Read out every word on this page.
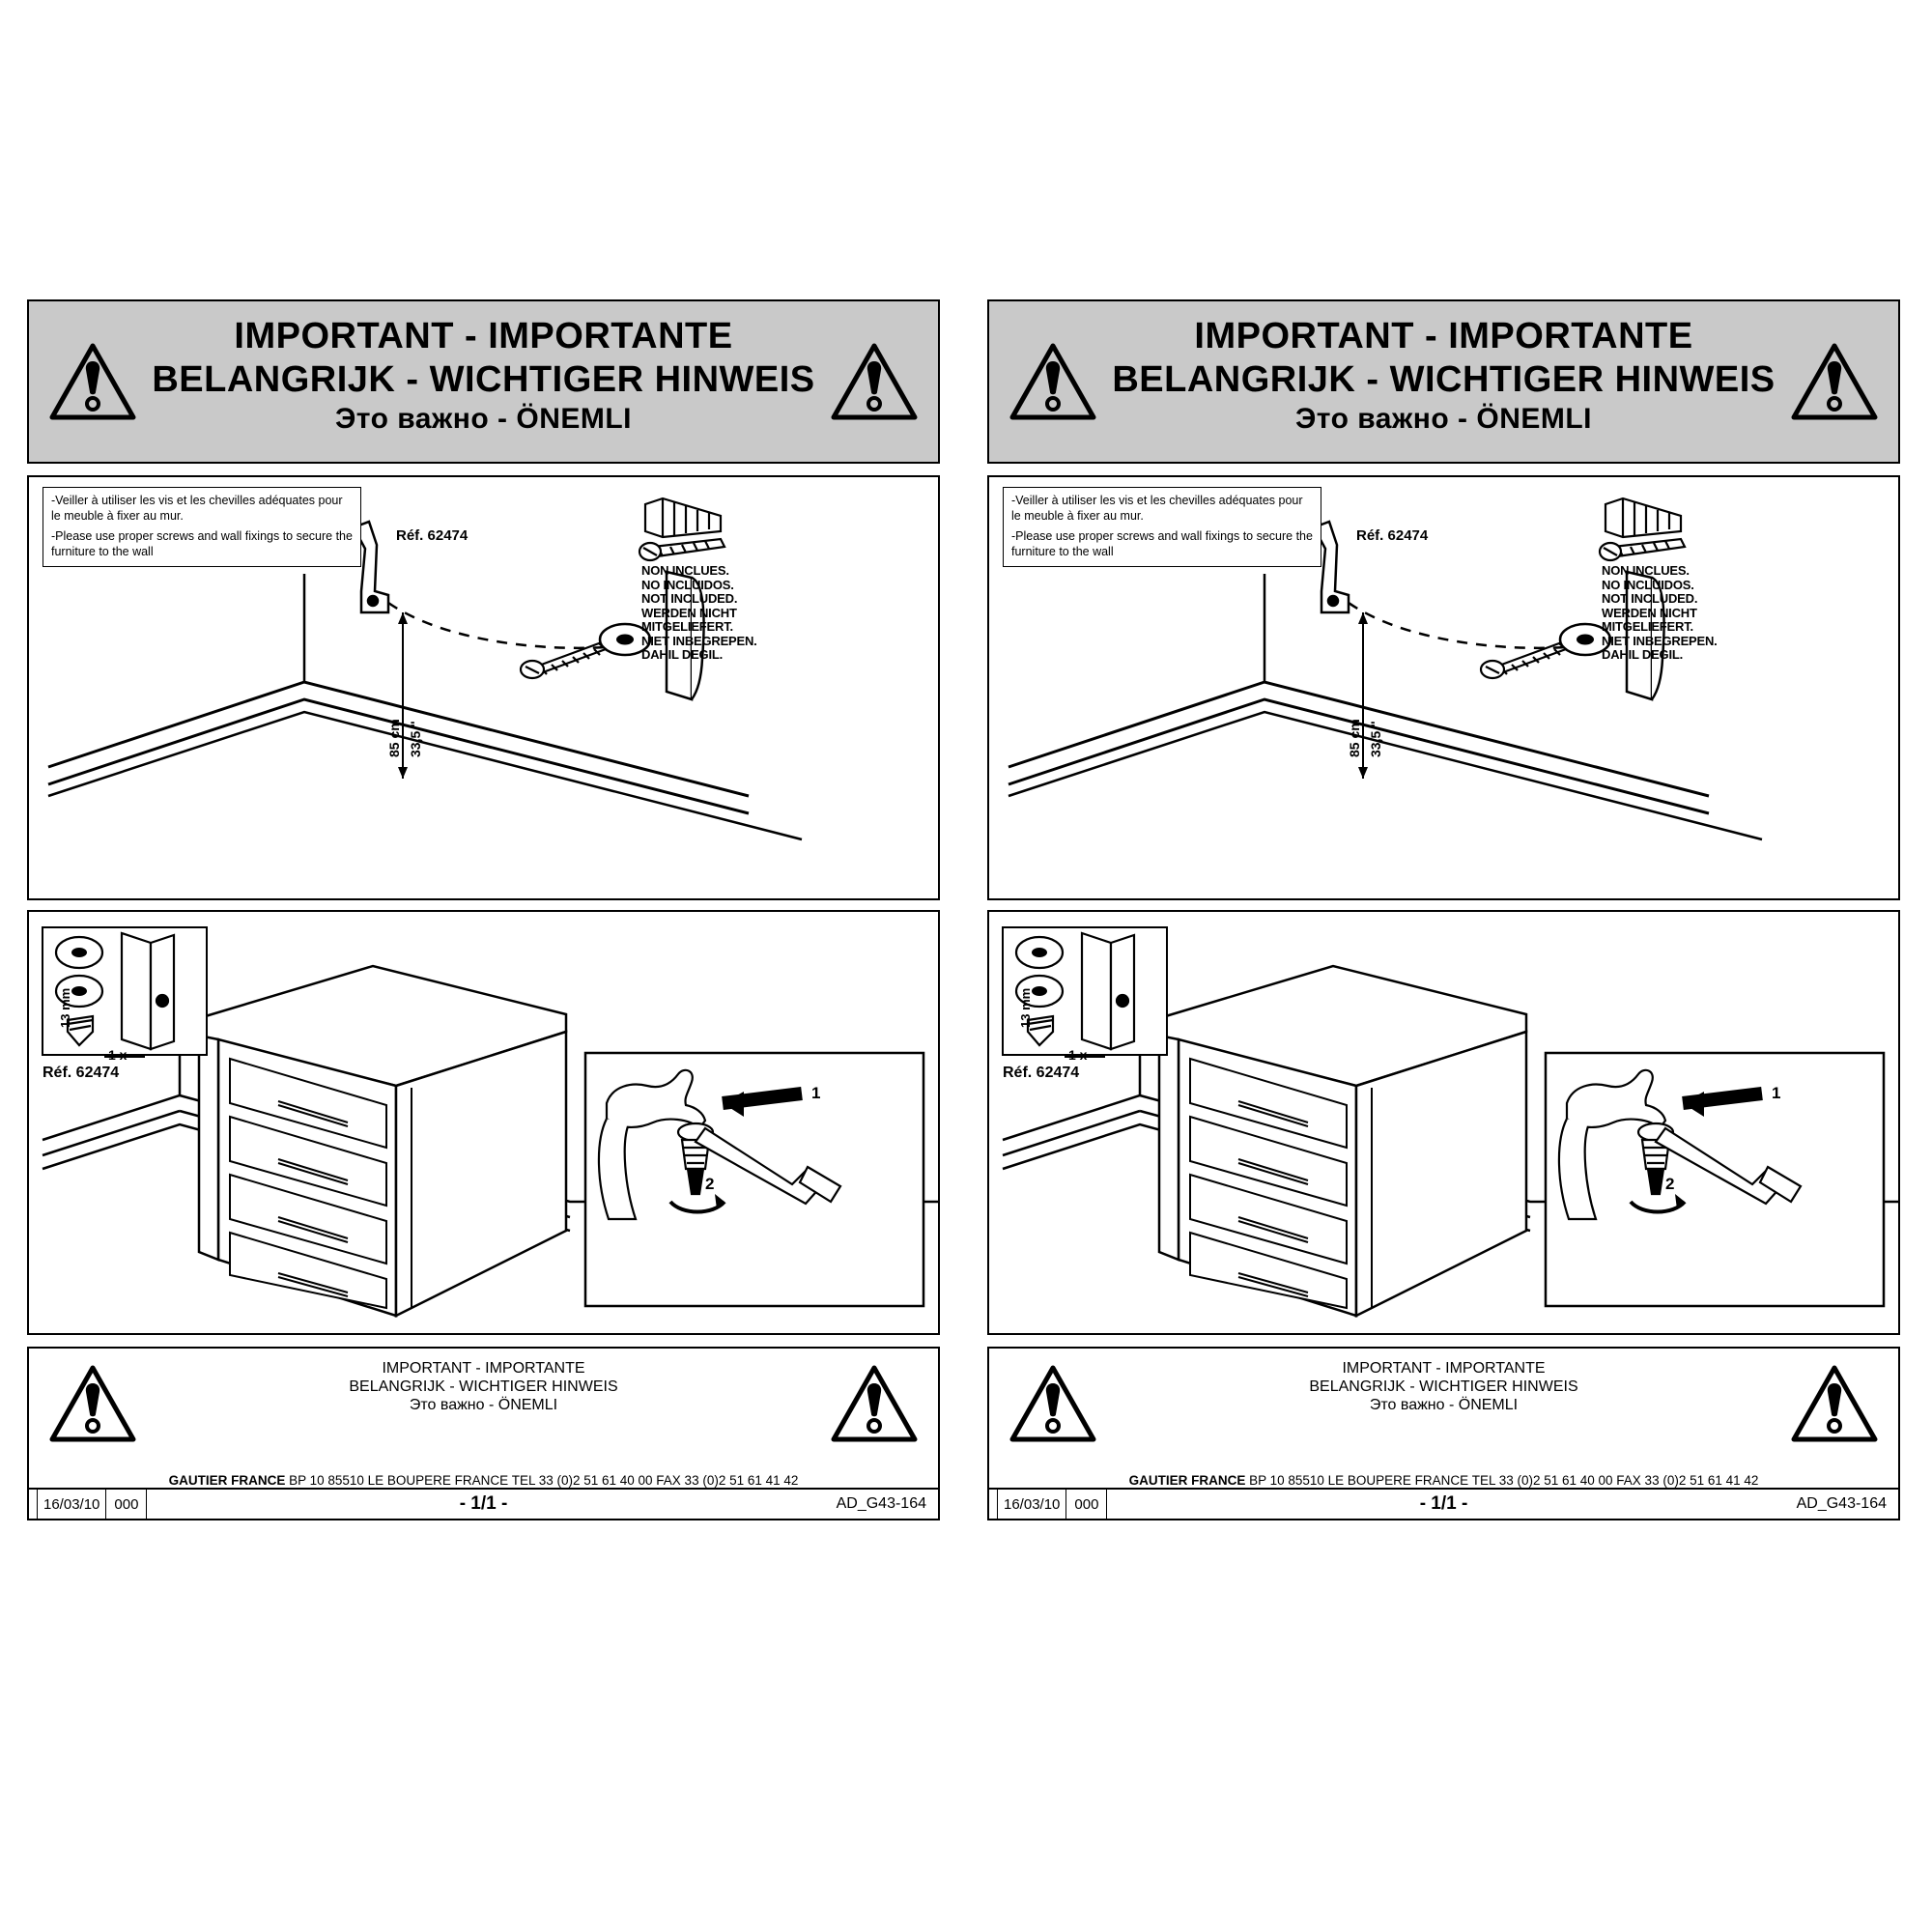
IMPORTANT - IMPORTANTE
BELANGRIJK - WICHTIGER HINWEIS
Это важно - ÖNEMLI

-Veiller à utiliser les vis et les chevilles adéquates pour le meuble à fixer au mur.

-Please use proper screws and wall fixings to secure the furniture to the wall

Réf. 62474
85 cm 33,5 "
NON INCLUES.
NO INCLUIDOS.
NOT INCLUDED.
WERDEN NICHT
MITGELIEFERT.
NIET INBEGREPEN.
DAHIL DEGIL.
13 mm
1 x
Réf. 62474
1
2
IMPORTANT - IMPORTANTE
BELANGRIJK - WICHTIGER HINWEIS
Это важно - ÖNEMLI
GAUTIER FRANCE BP 10 85510 LE BOUPERE FRANCE TEL 33 (0)2 51 61 40 00 FAX 33 (0)2 51 61 41 42
16/03/10	000	- 1/1 -	AD_G43-164
IMPORTANT - IMPORTANTE
BELANGRIJK - WICHTIGER HINWEIS
Это важно - ÖNEMLI

-Veiller à utiliser les vis et les chevilles adéquates pour le meuble à fixer au mur.

-Please use proper screws and wall fixings to secure the furniture to the wall

Réf. 62474
85 cm 33,5 "
NON INCLUES.
NO INCLUIDOS.
NOT INCLUDED.
WERDEN NICHT
MITGELIEFERT.
NIET INBEGREPEN.
DAHIL DEGIL.
13 mm
1 x
Réf. 62474
1
2
IMPORTANT - IMPORTANTE
BELANGRIJK - WICHTIGER HINWEIS
Это важно - ÖNEMLI
GAUTIER FRANCE BP 10 85510 LE BOUPERE FRANCE TEL 33 (0)2 51 61 40 00 FAX 33 (0)2 51 61 41 42
16/03/10	000	- 1/1 -	AD_G43-164
